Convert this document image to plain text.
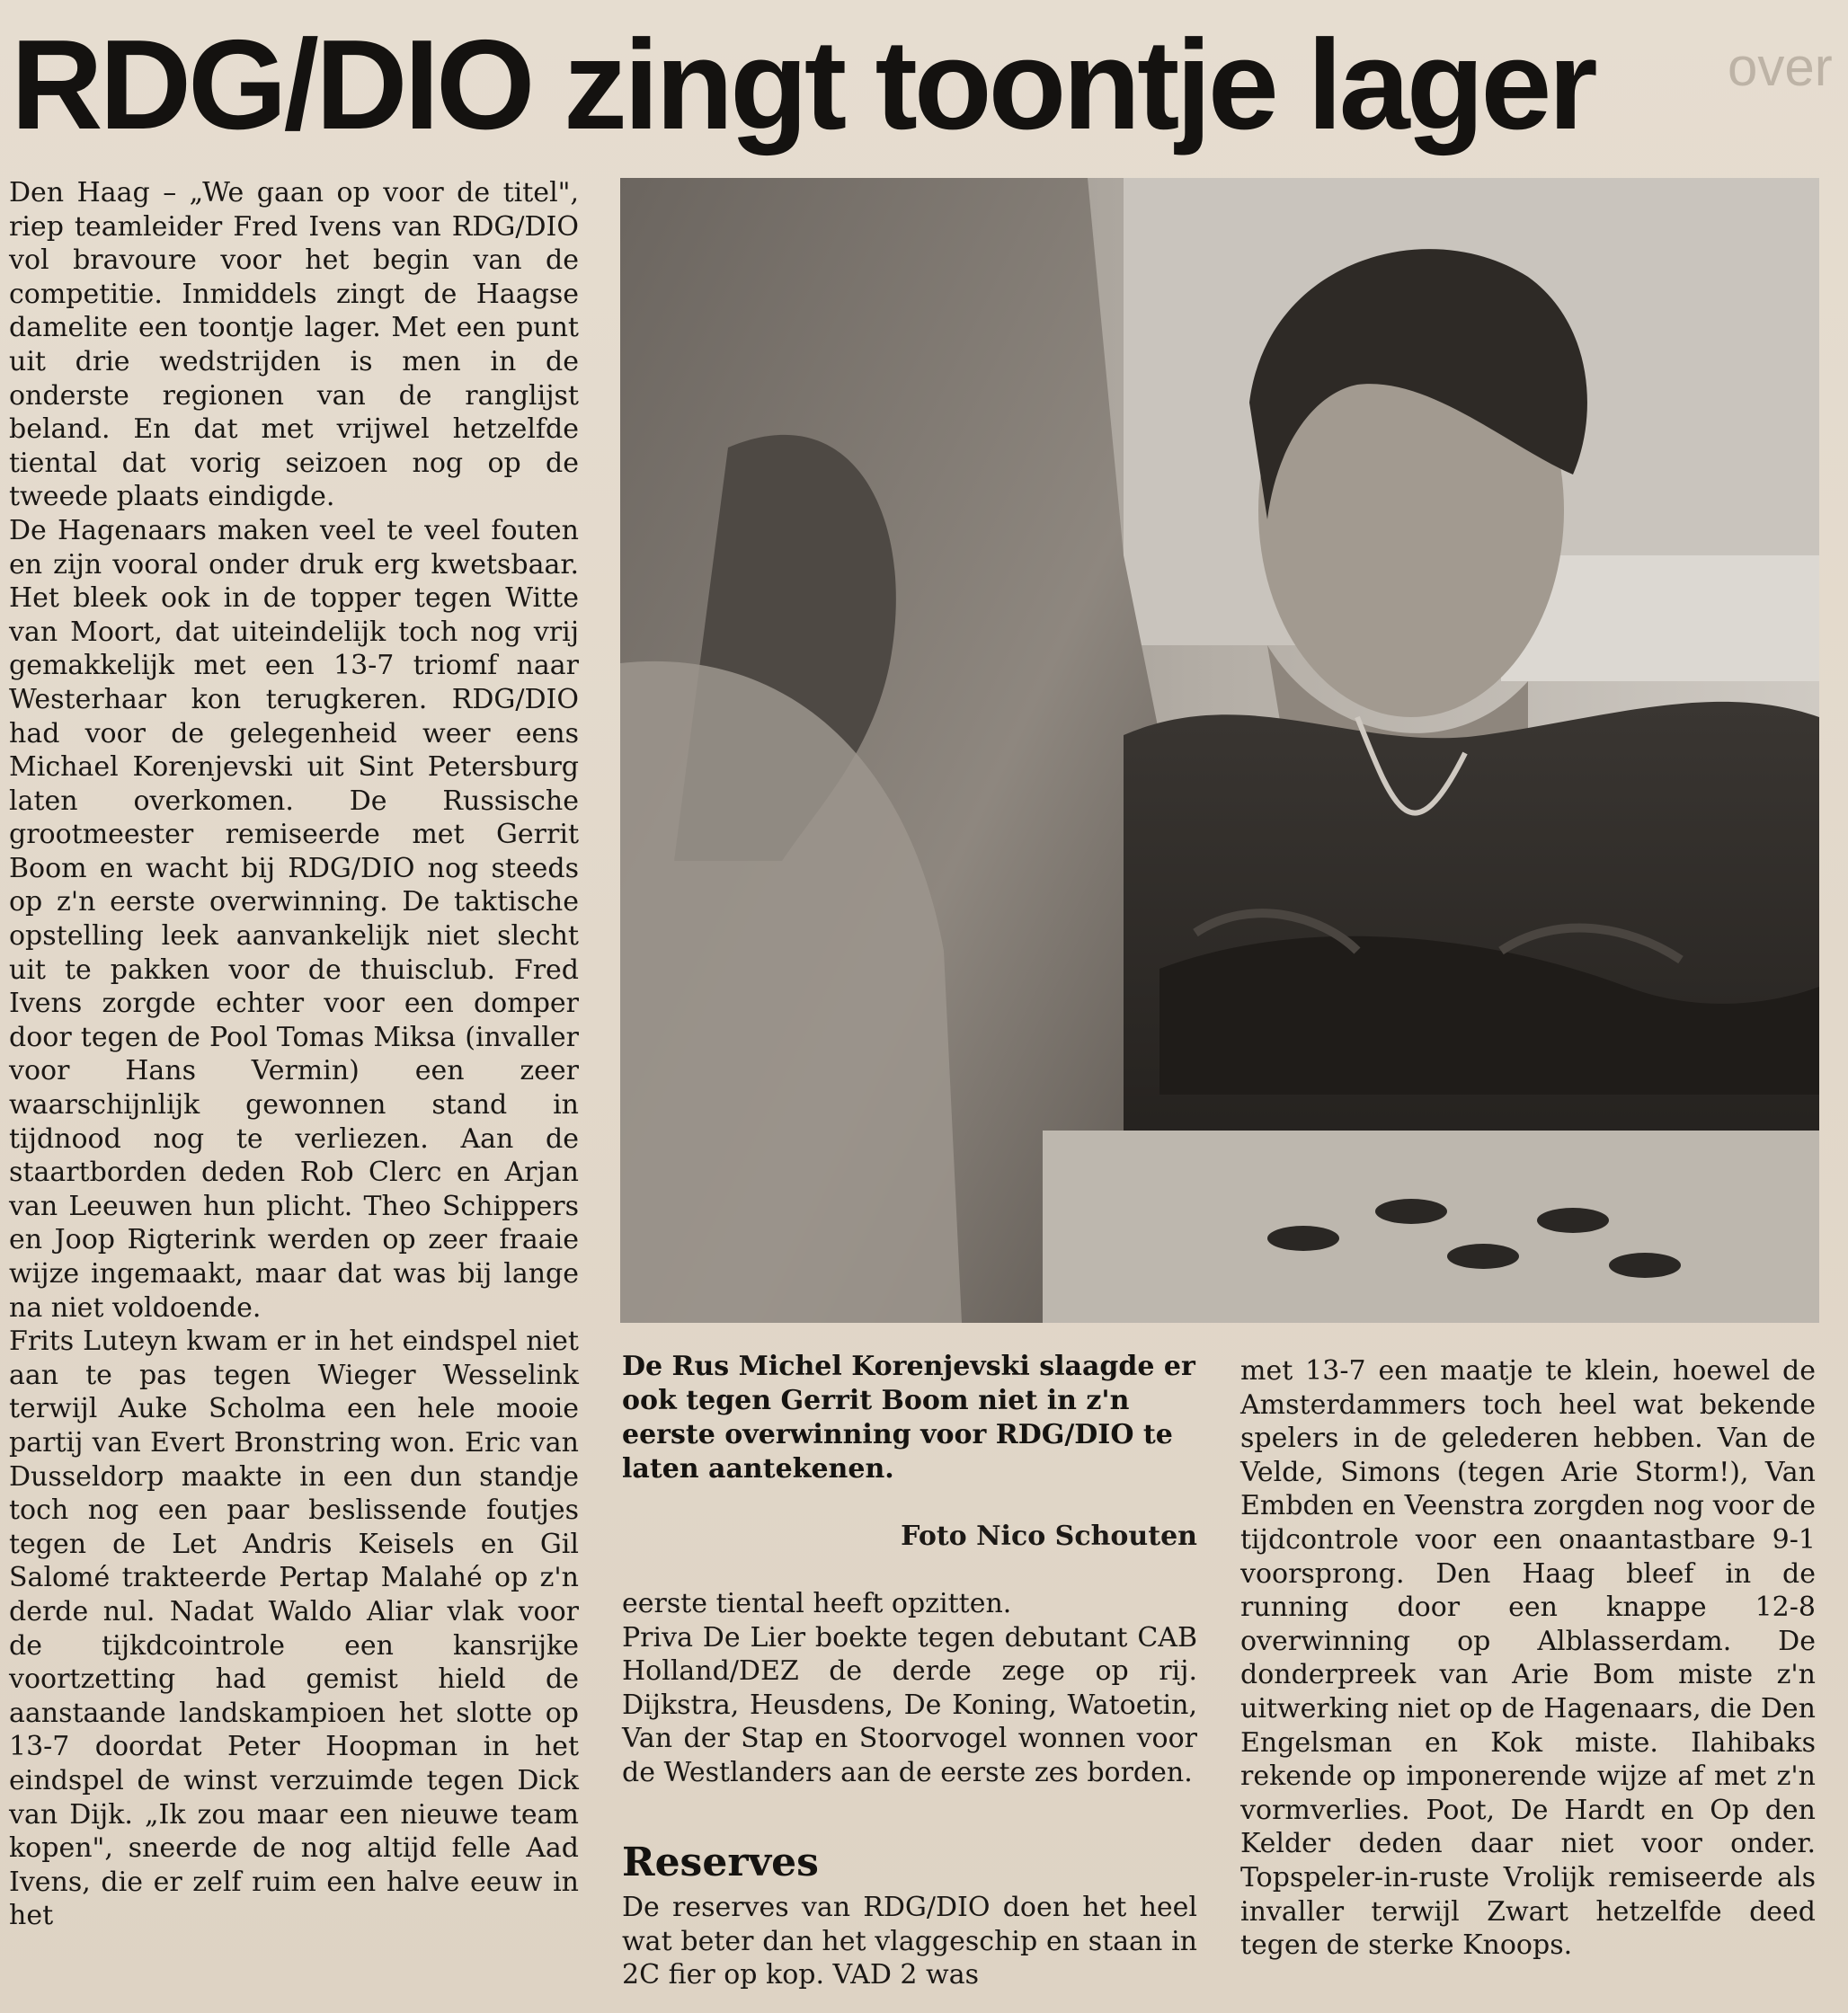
RDG/DIO zingt toontje lager	over

Den Haag – „We gaan op voor de titel", riep teamleider Fred Ivens van RDG/DIO vol bravoure voor het begin van de competitie. Inmiddels zingt de Haagse damelite een toontje lager. Met een punt uit drie wedstrijden is men in de onderste regionen van de ranglijst beland. En dat met vrijwel hetzelfde tiental dat vorig seizoen nog op de tweede plaats eindigde.

De Hagenaars maken veel te veel fouten en zijn vooral onder druk erg kwetsbaar. Het bleek ook in de topper tegen Witte van Moort, dat uiteindelijk toch nog vrij gemakkelijk met een 13-7 triomf naar Westerhaar kon terugkeren. RDG/DIO had voor de gelegenheid weer eens Michael Korenjevski uit Sint Petersburg laten overkomen. De Russische grootmeester remiseerde met Gerrit Boom en wacht bij RDG/DIO nog steeds op z'n eerste overwinning. De taktische opstelling leek aanvankelijk niet slecht uit te pakken voor de thuisclub. Fred Ivens zorgde echter voor een domper door tegen de Pool Tomas Miksa (invaller voor Hans Vermin) een zeer waarschijnlijk gewonnen stand in tijdnood nog te verliezen. Aan de staartborden deden Rob Clerc en Arjan van Leeuwen hun plicht. Theo Schippers en Joop Rigterink werden op zeer fraaie wijze ingemaakt, maar dat was bij lange na niet voldoende.

Frits Luteyn kwam er in het eindspel niet aan te pas tegen Wieger Wesselink terwijl Auke Scholma een hele mooie partij van Evert Bronstring won. Eric van Dusseldorp maakte in een dun standje toch nog een paar beslissende foutjes tegen de Let Andris Keisels en Gil Salomé trakteerde Pertap Malahé op z'n derde nul. Nadat Waldo Aliar vlak voor de tijkdcointrole een kansrijke voortzetting had gemist hield de aanstaande landskampioen het slotte op 13-7 doordat Peter Hoopman in het eindspel de winst verzuimde tegen Dick van Dijk. „Ik zou maar een nieuwe team kopen", sneerde de nog altijd felle Aad Ivens, die er zelf ruim een halve eeuw in het

De Rus Michel Korenjevski slaagde er ook tegen Gerrit Boom niet in z'n eerste overwinning voor RDG/DIO te laten aantekenen.

Foto Nico Schouten

eerste tiental heeft opzitten.

Priva De Lier boekte tegen debutant CAB Holland/DEZ de derde zege op rij. Dijkstra, Heusdens, De Koning, Watoetin, Van der Stap en Stoorvogel wonnen voor de Westlanders aan de eerste zes borden.

Reserves

De reserves van RDG/DIO doen het heel wat beter dan het vlaggeschip en staan in 2C fier op kop. VAD 2 was

met 13-7 een maatje te klein, hoewel de Amsterdammers toch heel wat bekende spelers in de gelederen hebben. Van de Velde, Simons (tegen Arie Storm!), Van Embden en Veenstra zorgden nog voor de tijdcontrole voor een onaantastbare 9-1 voorsprong. Den Haag bleef in de running door een knappe 12-8 overwinning op Alblasserdam. De donderpreek van Arie Bom miste z'n uitwerking niet op de Hagenaars, die Den Engelsman en Kok miste. Ilahibaks rekende op imponerende wijze af met z'n vormverlies. Poot, De Hardt en Op den Kelder deden daar niet voor onder. Topspeler-in-ruste Vrolijk remiseerde als invaller terwijl Zwart hetzelfde deed tegen de sterke Knoops.
